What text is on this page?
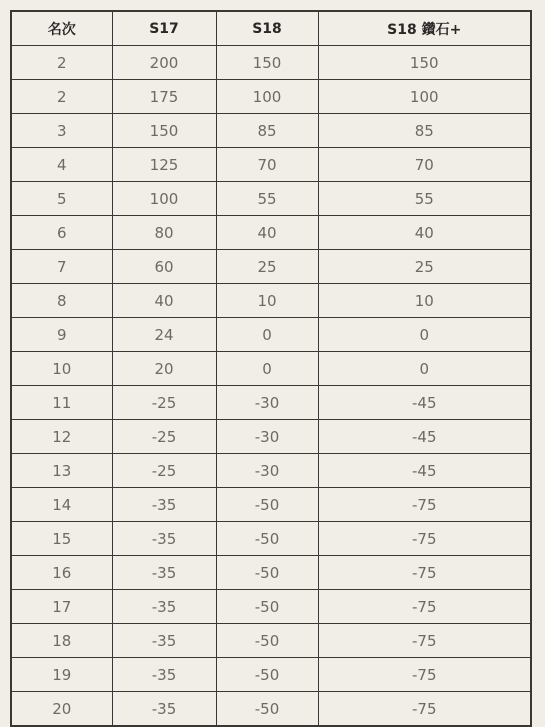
名次	S17	S18	S18 鑽石+
2	200	150	150
2	175	100	100
3	150	85	85
4	125	70	70
5	100	55	55
6	80	40	40
7	60	25	25
8	40	10	10
9	24	0	0
10	20	0	0
11	-25	-30	-45
12	-25	-30	-45
13	-25	-30	-45
14	-35	-50	-75
15	-35	-50	-75
16	-35	-50	-75
17	-35	-50	-75
18	-35	-50	-75
19	-35	-50	-75
20	-35	-50	-75
